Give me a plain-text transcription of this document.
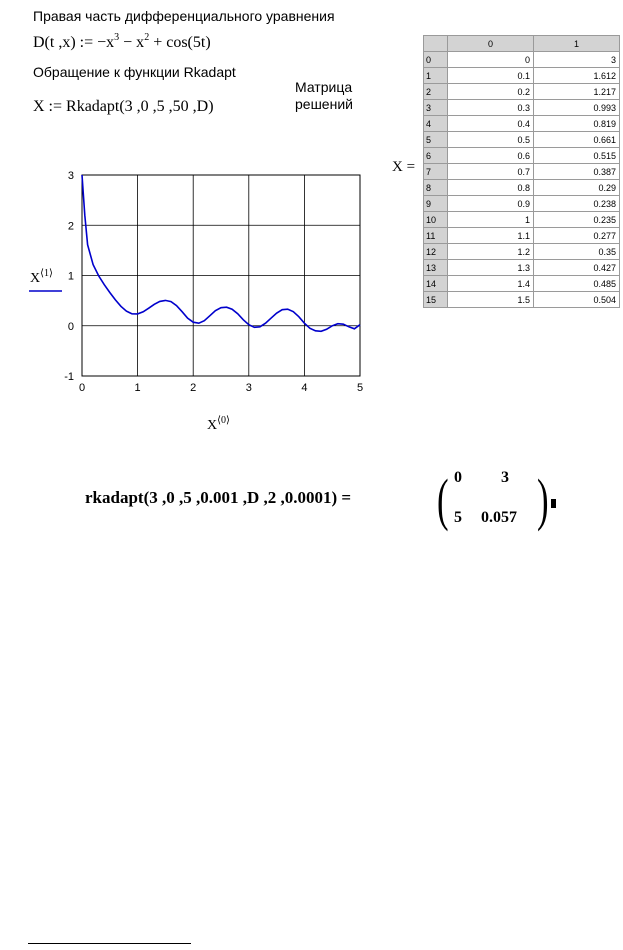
Правая часть дифференциального уравнения
D(t ,x) := $-x^3 - x^2 + \cos(5t)$
Обращение к функции Rkadapt
X := Rkadapt(3 ,0 ,5 ,50 ,D)
Матрица
решений
X =
	0	1
0	0	3
1	0.1	1.612
2	0.2	1.217
3	0.3	0.993
4	0.4	0.819
5	0.5	0.661
6	0.6	0.515
7	0.7	0.387
8	0.8	0.29
9	0.9	0.238
10	1	0.235
11	1.1	0.277
12	1.2	0.35
13	1.3	0.427
14	1.4	0.485
15	1.5	0.504
0	1	2	3	4	5
-1
0
1
2
3
$X^{⟨0⟩}$
$X^{⟨1⟩}$
rkadapt(3 ,0 ,5 ,0.001 ,D ,2 ,0.0001) = ( )
0 3
5 0.057
